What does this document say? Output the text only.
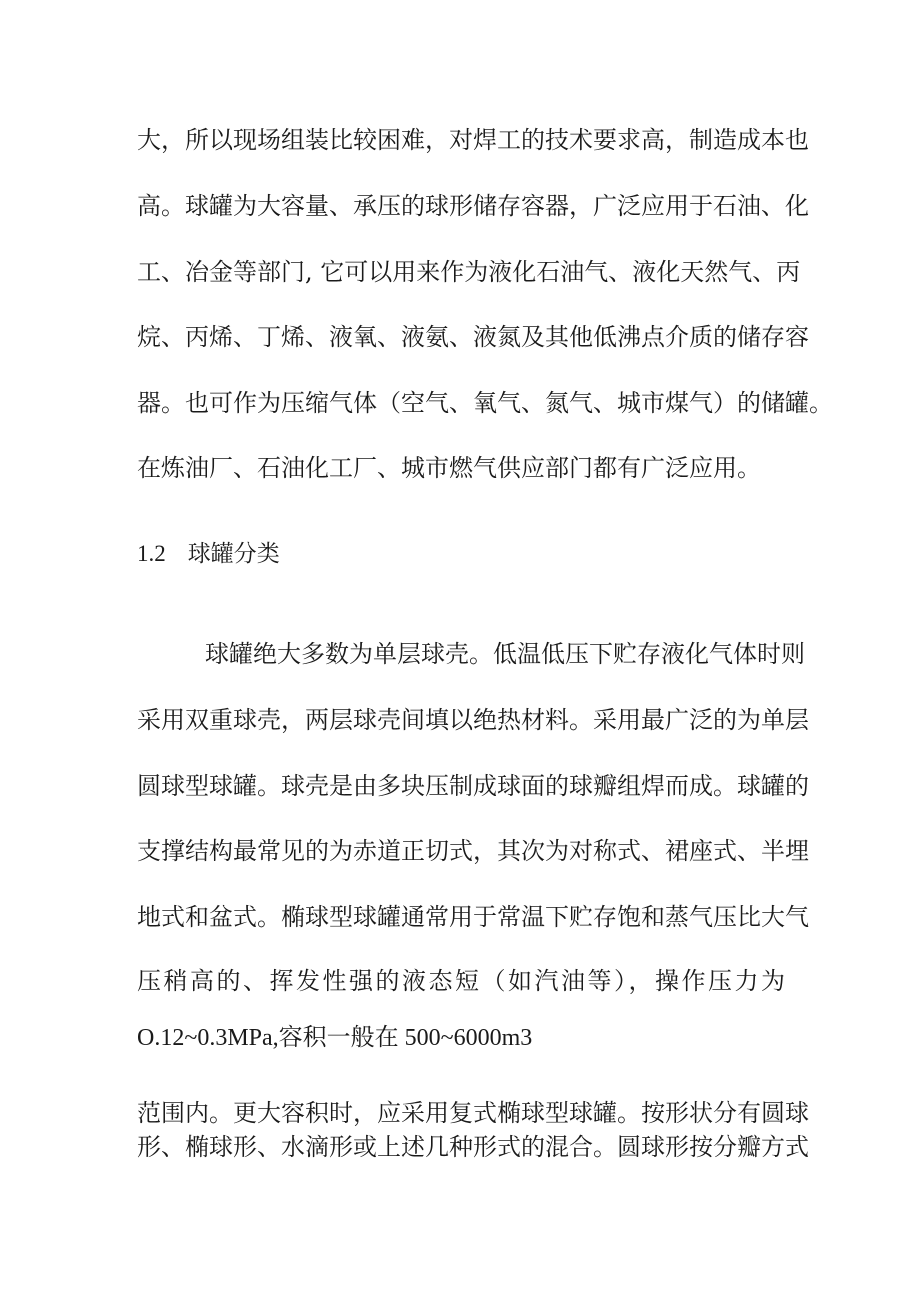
大，所以现场组装比较困难，对焊工的技术要求高，制造成本也
高。球罐为大容量、承压的球形储存容器，广泛应用于石油、化
工、冶金等部门, 它可以用来作为液化石油气、液化天然气、丙
烷、丙烯、丁烯、液氧、液氨、液氮及其他低沸点介质的储存容
器。也可作为压缩气体（空气、氧气、氮气、城市煤气）的储罐。
在炼油厂、石油化工厂、城市燃气供应部门都有广泛应用。
1.2 球罐分类
球罐绝大多数为单层球壳。低温低压下贮存液化气体时则
采用双重球壳，两层球壳间填以绝热材料。采用最广泛的为单层
圆球型球罐。球壳是由多块压制成球面的球瓣组焊而成。球罐的
支撑结构最常见的为赤道正切式，其次为对称式、裙座式、半埋
地式和盆式。椭球型球罐通常用于常温下贮存饱和蒸气压比大气
压稍高的、挥发性强的液态短（如汽油等），操作压力为
O.12~0.3MPa,容积一般在 500~6000m3
范围内。更大容积时，应采用复式椭球型球罐。按形状分有圆球
形、椭球形、水滴形或上述几种形式的混合。圆球形按分瓣方式
